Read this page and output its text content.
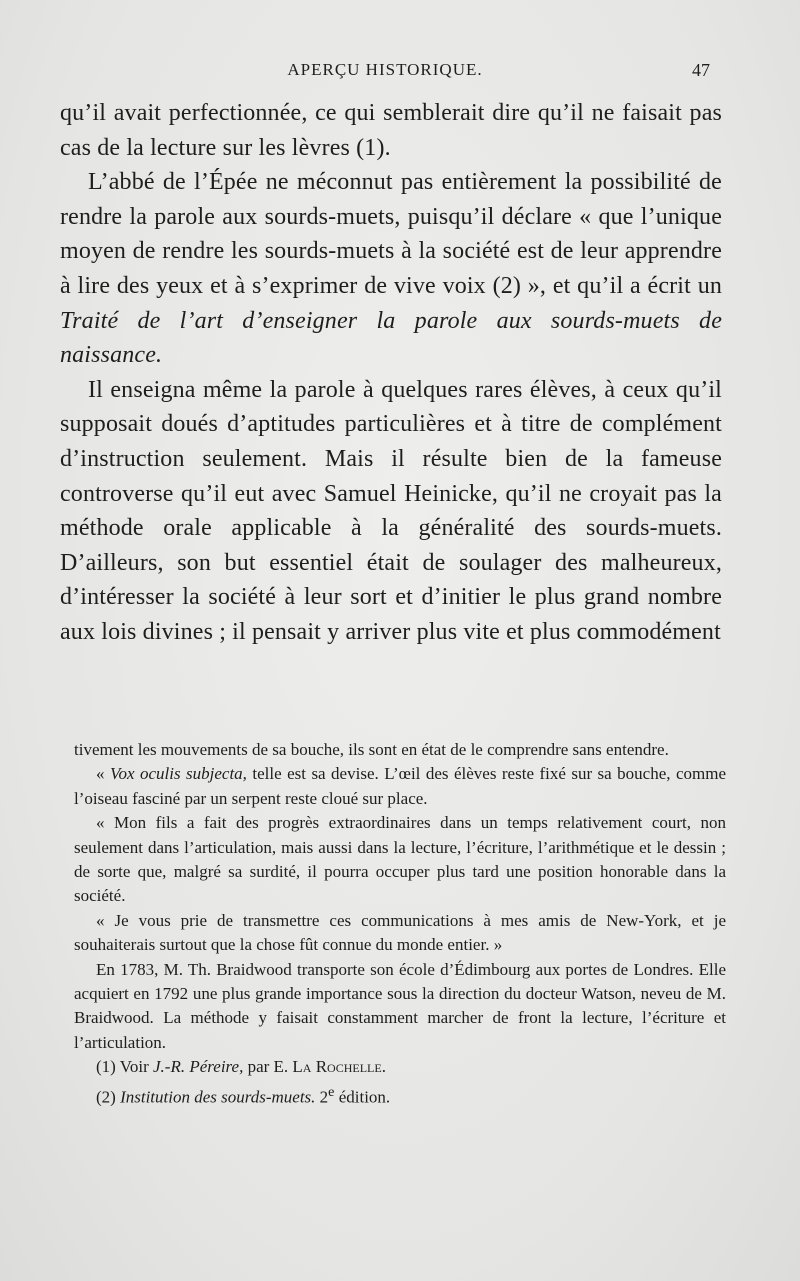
APERÇU HISTORIQUE.	47

qu’il avait perfectionnée, ce qui semblerait dire qu’il ne faisait pas cas de la lecture sur les lèvres (1).

L’abbé de l’Épée ne méconnut pas entièrement la possibilité de rendre la parole aux sourds-muets, puisqu’il déclare « que l’unique moyen de rendre les sourds-muets à la société est de leur apprendre à lire des yeux et à s’exprimer de vive voix (2) », et qu’il a écrit un Traité de l’art d’enseigner la parole aux sourds-muets de naissance.

Il enseigna même la parole à quelques rares élèves, à ceux qu’il supposait doués d’aptitudes particulières et à titre de complément d’instruction seulement. Mais il résulte bien de la fameuse controverse qu’il eut avec Samuel Heinicke, qu’il ne croyait pas la méthode orale applicable à la généralité des sourds-muets. D’ailleurs, son but essentiel était de soulager des malheureux, d’intéresser la société à leur sort et d’initier le plus grand nombre aux lois divines ; il pensait y arriver plus vite et plus commodément

tivement les mouvements de sa bouche, ils sont en état de le comprendre sans entendre.

« Vox oculis subjecta, telle est sa devise. L’œil des élèves reste fixé sur sa bouche, comme l’oiseau fasciné par un serpent reste cloué sur place.

« Mon fils a fait des progrès extraordinaires dans un temps relativement court, non seulement dans l’articulation, mais aussi dans la lecture, l’écriture, l’arithmétique et le dessin ; de sorte que, malgré sa surdité, il pourra occuper plus tard une position honorable dans la société.

« Je vous prie de transmettre ces communications à mes amis de New-York, et je souhaiterais surtout que la chose fût connue du monde entier. »

En 1783, M. Th. Braidwood transporte son école d’Édimbourg aux portes de Londres. Elle acquiert en 1792 une plus grande importance sous la direction du docteur Watson, neveu de M. Braidwood. La méthode y faisait constamment marcher de front la lecture, l’écriture et l’articulation.

(1) Voir J.-R. Péreire, par E. La Rochelle.

(2) Institution des sourds-muets. 2e édition.
